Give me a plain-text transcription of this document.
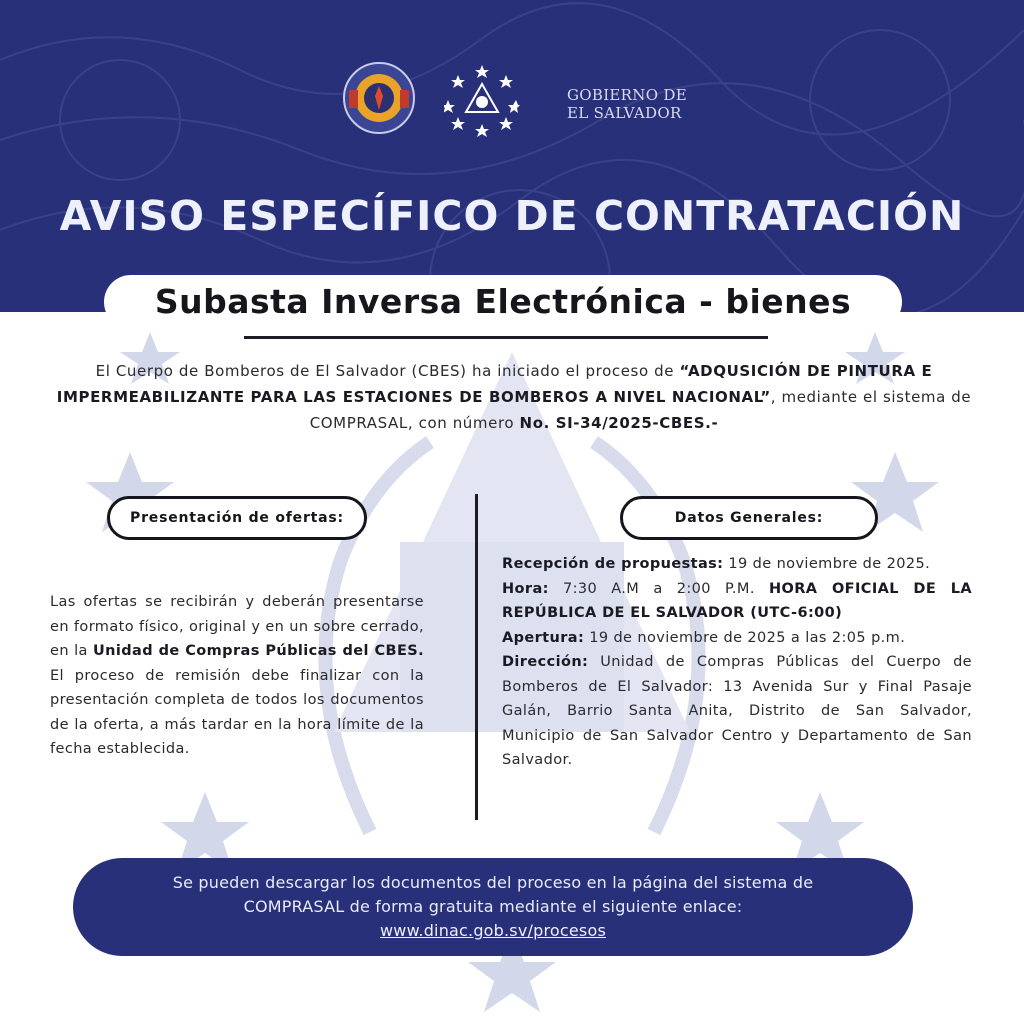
GOBIERNO DE
EL SALVADOR
AVISO ESPECÍFICO DE CONTRATACIÓN
Subasta Inversa Electrónica - bienes
El Cuerpo de Bomberos de El Salvador (CBES) ha iniciado el proceso de “ADQUSICIÓN DE PINTURA E IMPERMEABILIZANTE PARA LAS ESTACIONES DE BOMBEROS A NIVEL NACIONAL”, mediante el sistema de COMPRASAL, con número No. SI-34/2025-CBES.-
Presentación de ofertas:	Datos Generales:
Las ofertas se recibirán y deberán presentarse en formato físico, original y en un sobre cerrado, en la Unidad de Compras Públicas del CBES. El proceso de remisión debe finalizar con la presentación completa de todos los documentos de la oferta, a más tardar en la hora límite de la fecha establecida.

Recepción de propuestas: 19 de noviembre de 2025.

Hora: 7:30 A.M a 2:00 P.M. HORA OFICIAL DE LA REPÚBLICA DE EL SALVADOR (UTC-6:00)

Apertura: 19 de noviembre de 2025 a las 2:05 p.m.

Dirección: Unidad de Compras Públicas del Cuerpo de Bomberos de El Salvador: 13 Avenida Sur y Final Pasaje Galán, Barrio Santa Anita, Distrito de San Salvador, Municipio de San Salvador Centro y Departamento de San Salvador.

Se pueden descargar los documentos del proceso en la página del sistema de
COMPRASAL de forma gratuita mediante el siguiente enlace:
www.dinac.gob.sv/procesos
